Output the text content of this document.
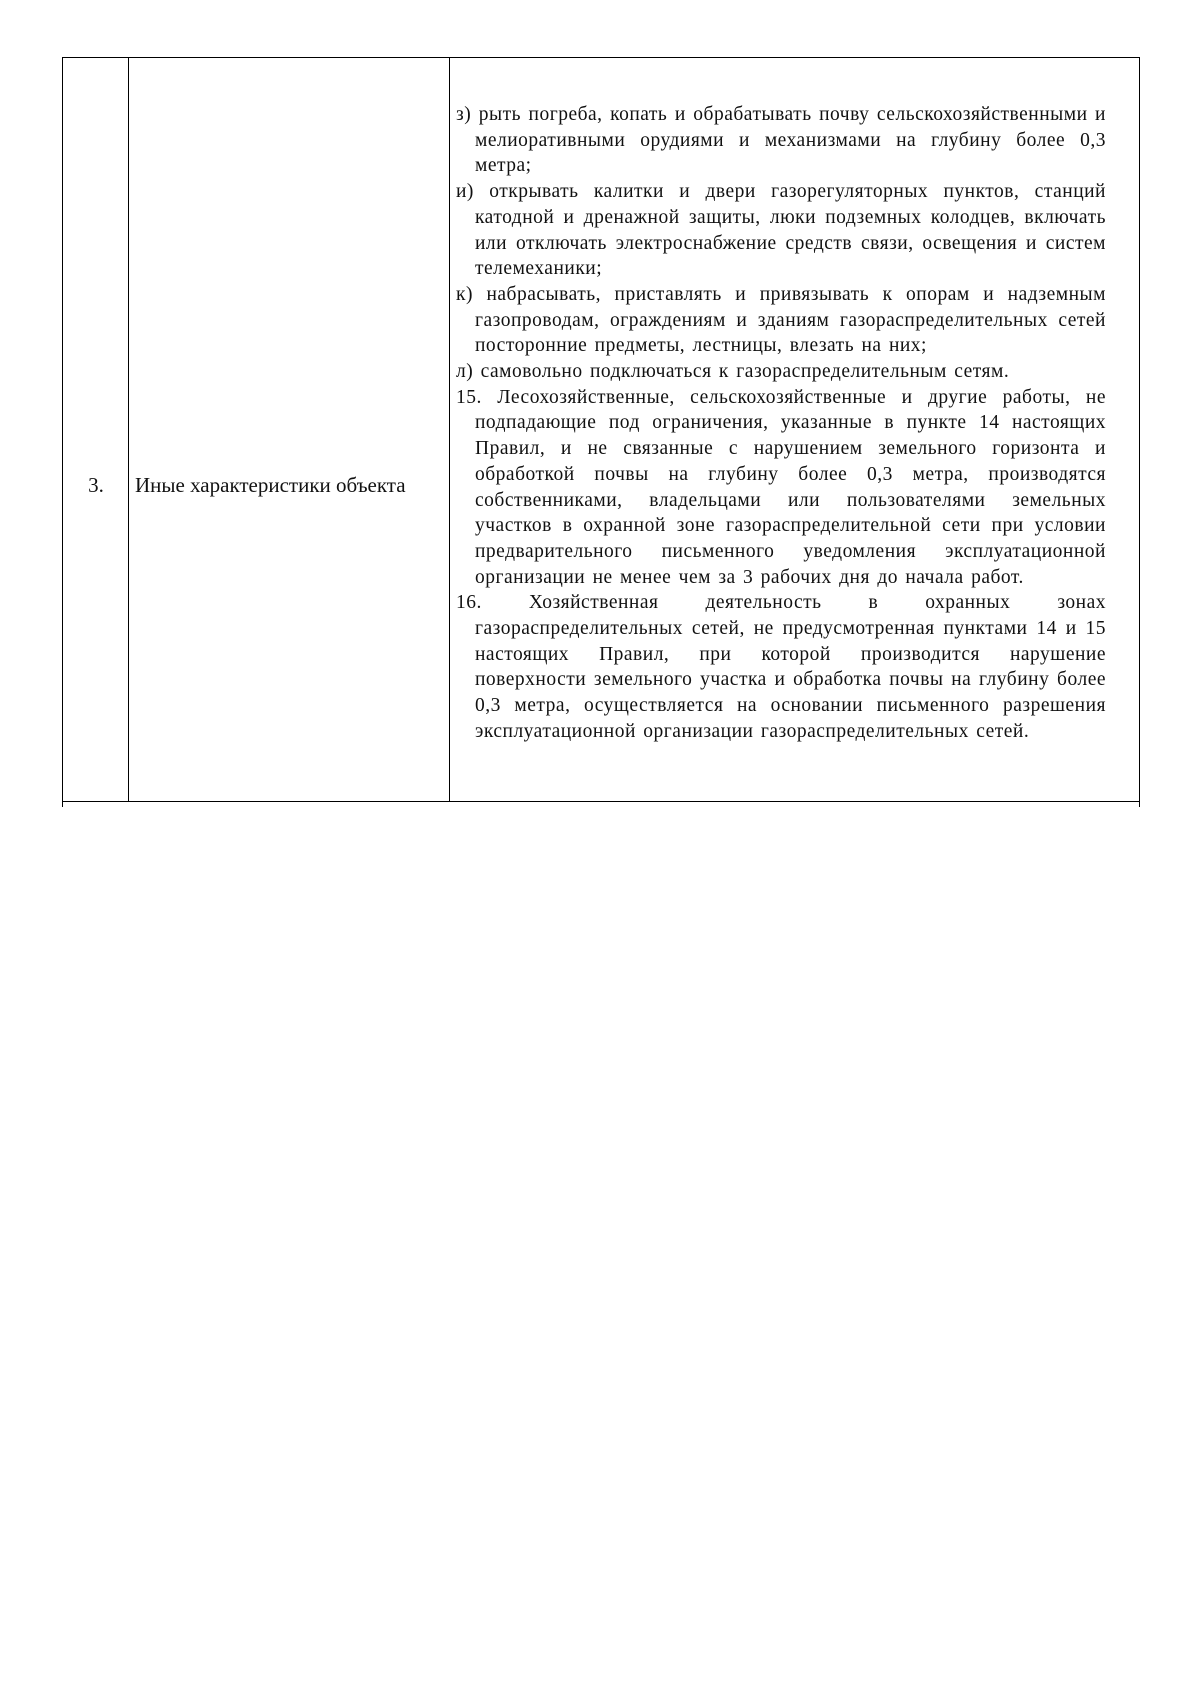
3.	Иные характеристики объекта

з) рыть погреба, копать и обрабатывать почву сельскохозяйственными и мелиоративными орудиями и механизмами на глубину более 0,3 метра;

и) открывать калитки и двери газорегуляторных пунктов, станций катодной и дренажной защиты, люки подземных колодцев, включать или отключать электроснабжение средств связи, освещения и систем телемеханики;

к) набрасывать, приставлять и привязывать к опорам и надземным газопроводам, ограждениям и зданиям газораспределительных сетей посторонние предметы, лестницы, влезать на них;

л) самовольно подключаться к газораспределительным сетям.

15. Лесохозяйственные, сельскохозяйственные и другие работы, не подпадающие под ограничения, указанные в пункте 14 настоящих Правил, и не связанные с нарушением земельного горизонта и обработкой почвы на глубину более 0,3 метра, производятся собственниками, владельцами или пользователями земельных участков в охранной зоне газораспределительной сети при условии предварительного письменного уведомления эксплуатационной организации не менее чем за 3 рабочих дня до начала работ.

16. Хозяйственная деятельность в охранных зонах газораспределительных сетей, не предусмотренная пунктами 14 и 15 настоящих Правил, при которой производится нарушение поверхности земельного участка и обработка почвы на глубину более 0,3 метра, осуществляется на основании письменного разрешения эксплуатационной организации газораспределительных сетей.
